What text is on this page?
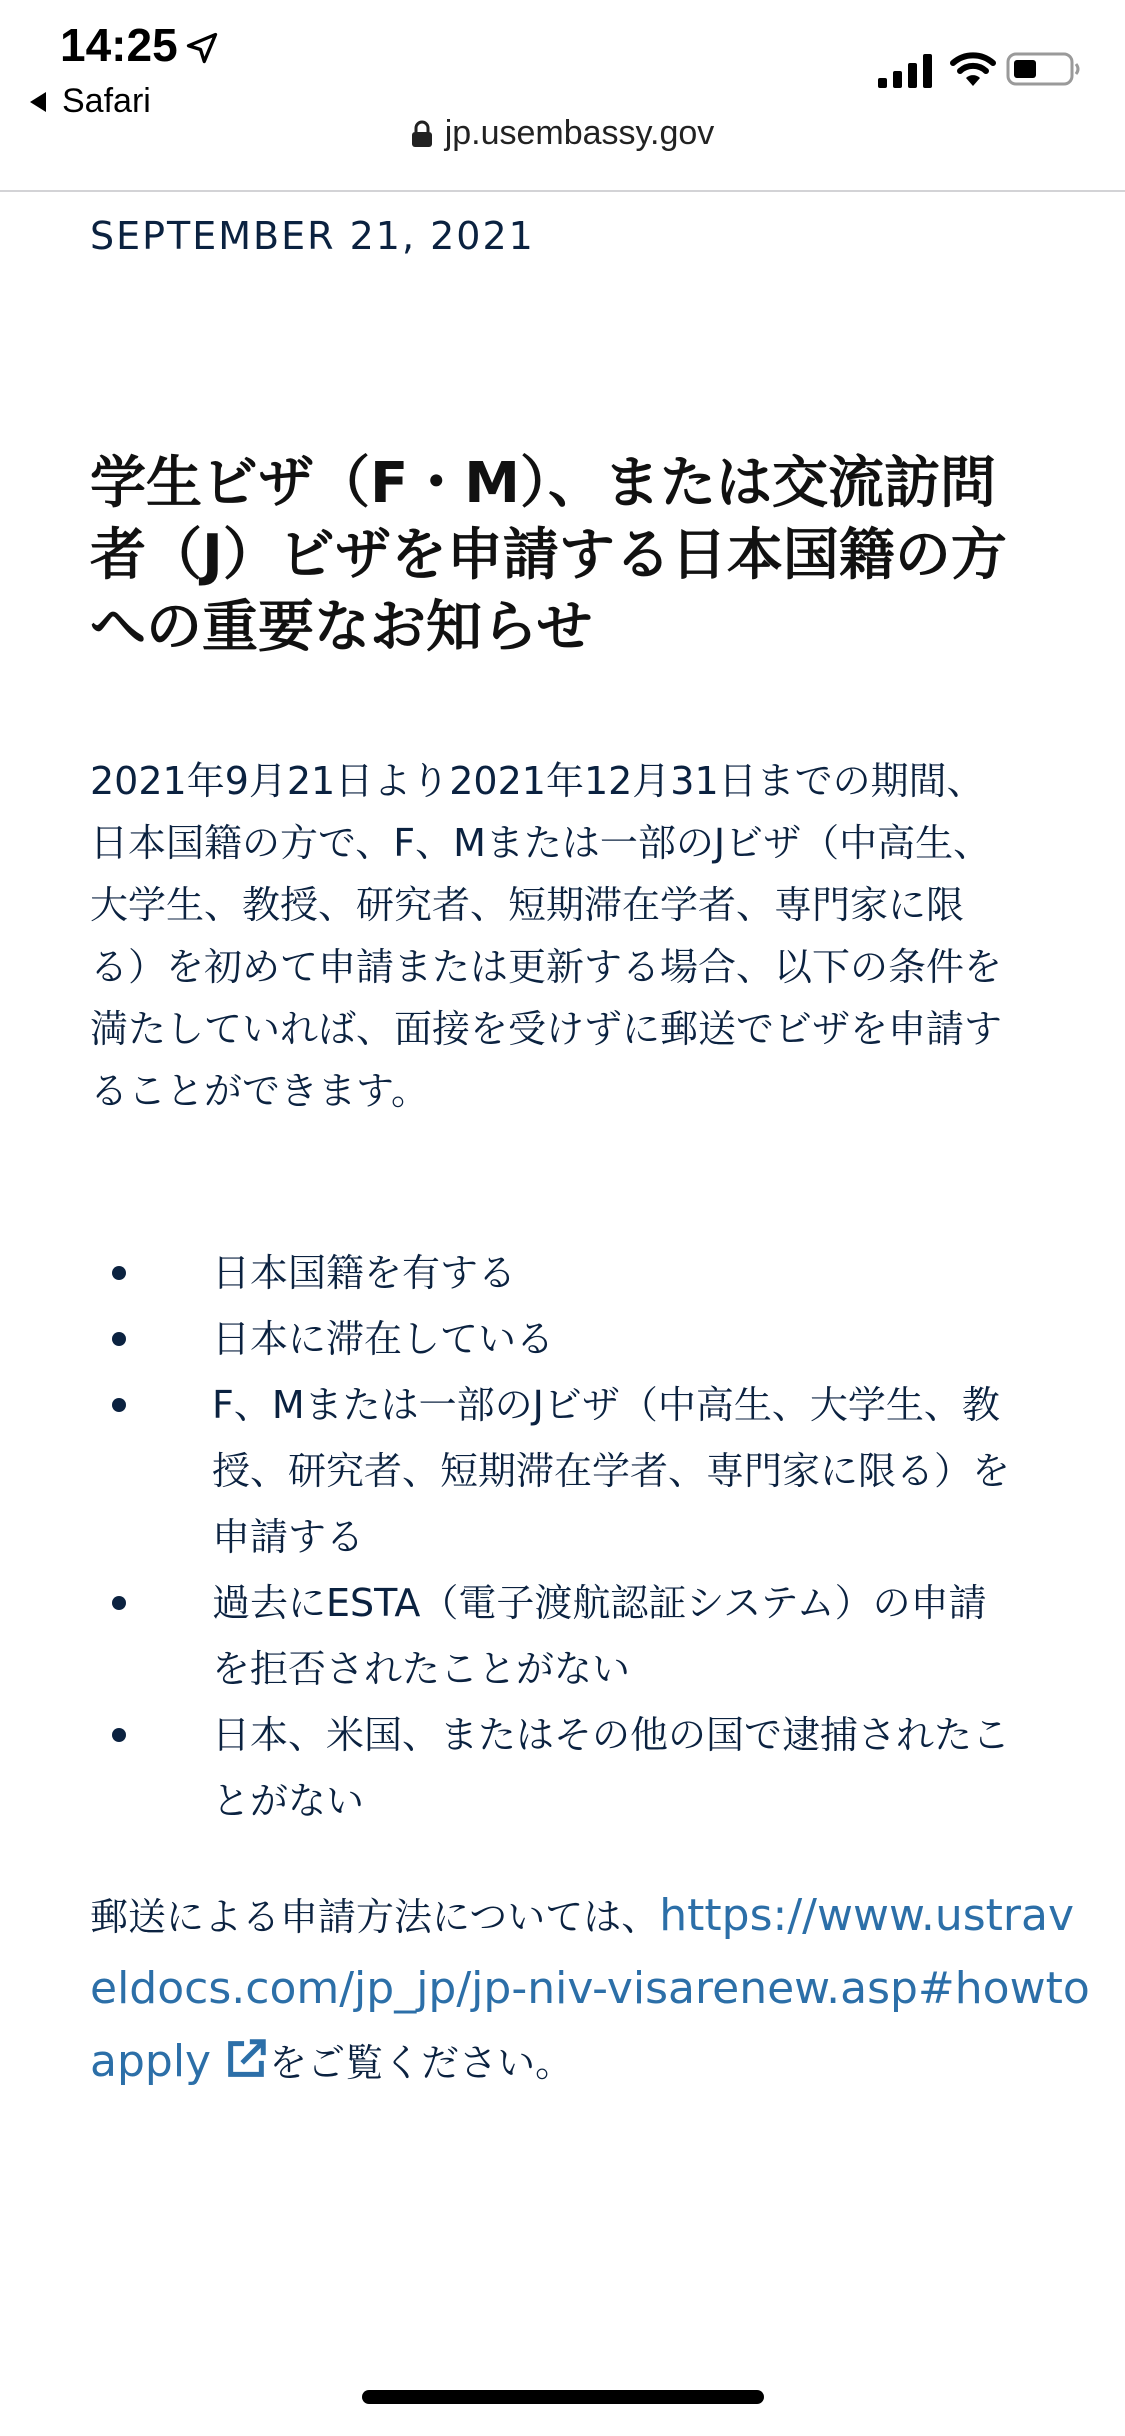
14:25
Safari
jp.usembassy.gov
SEPTEMBER 21, 2021
学生ビザ（F・M）、または交流訪問者（J）ビザを申請する日本国籍の方への重要なお知らせ

2021年9月21日より2021年12月31日までの期間、日本国籍の方で、F、Mまたは一部のJビザ（中高生、大学生、教授、研究者、短期滞在学者、専門家に限る）を初めて申請または更新する場合、以下の条件を満たしていれば、面接を受けずに郵送でビザを申請することができます。

日本国籍を有する
日本に滞在している
F、Mまたは一部のJビザ（中高生、大学生、教授、研究者、短期滞在学者、専門家に限る）を申請する
過去にESTA（電子渡航認証システム）の申請を拒否されたことがない
日本、米国、またはその他の国で逮捕されたことがない

郵送による申請方法については、https://www.ustraveldocs.com/jp_jp/jp-niv-visarenew.asp#howtoapply をご覧ください。
